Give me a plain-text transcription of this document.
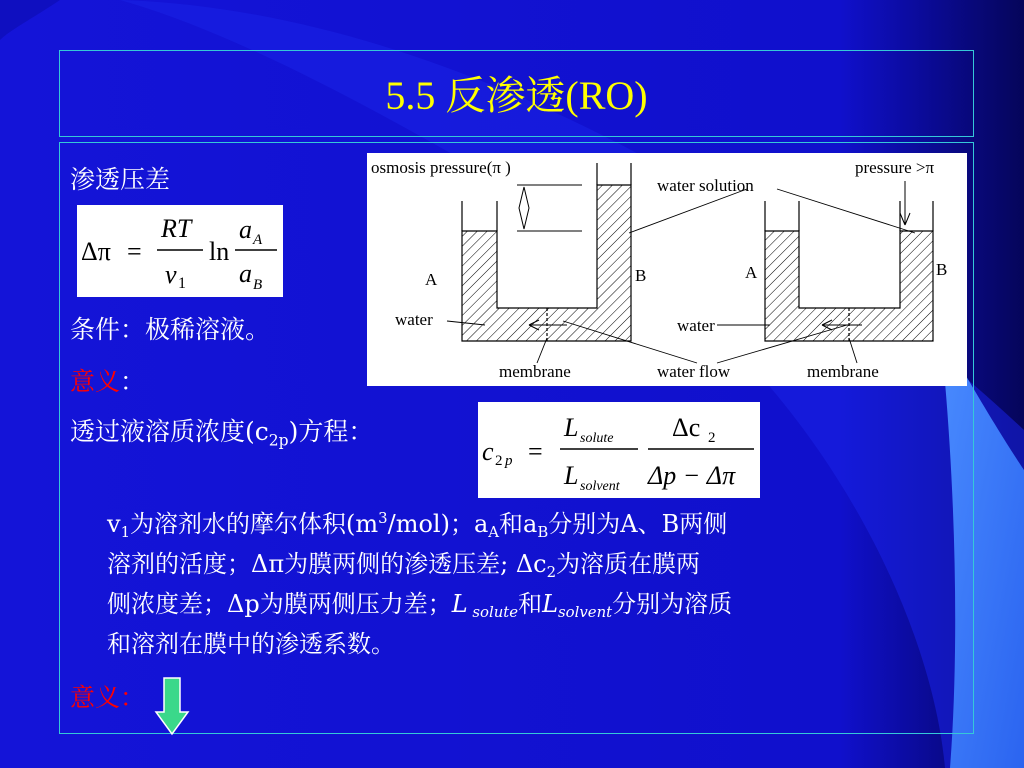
5.5 反渗透(RO)
渗透压差
Δπ =
RT
v 1
ln
a A
a B
条件：极稀溶液。
意义：
透过液溶质浓度$(c_{2p})$方程：
c 2 p =
L solute
L solvent
Δc 2
Δp − Δπ
osmosis pressure(π )
water solution
pressure >π
A	B	A	B
water	water
membrane	water flow	membrane
$v_1$为溶剂水的摩尔体积$(m^3/mol)$；$a_A$和$a_B$分别为A、B两侧
溶剂的活度；Δπ为膜两侧的渗透压差; $\Delta c_2$为溶质在膜两
侧浓度差；Δp为膜两侧压力差；L $_{solute}$和$L_{solvent}$分别为溶质
和溶剂在膜中的渗透系数。
意义：
